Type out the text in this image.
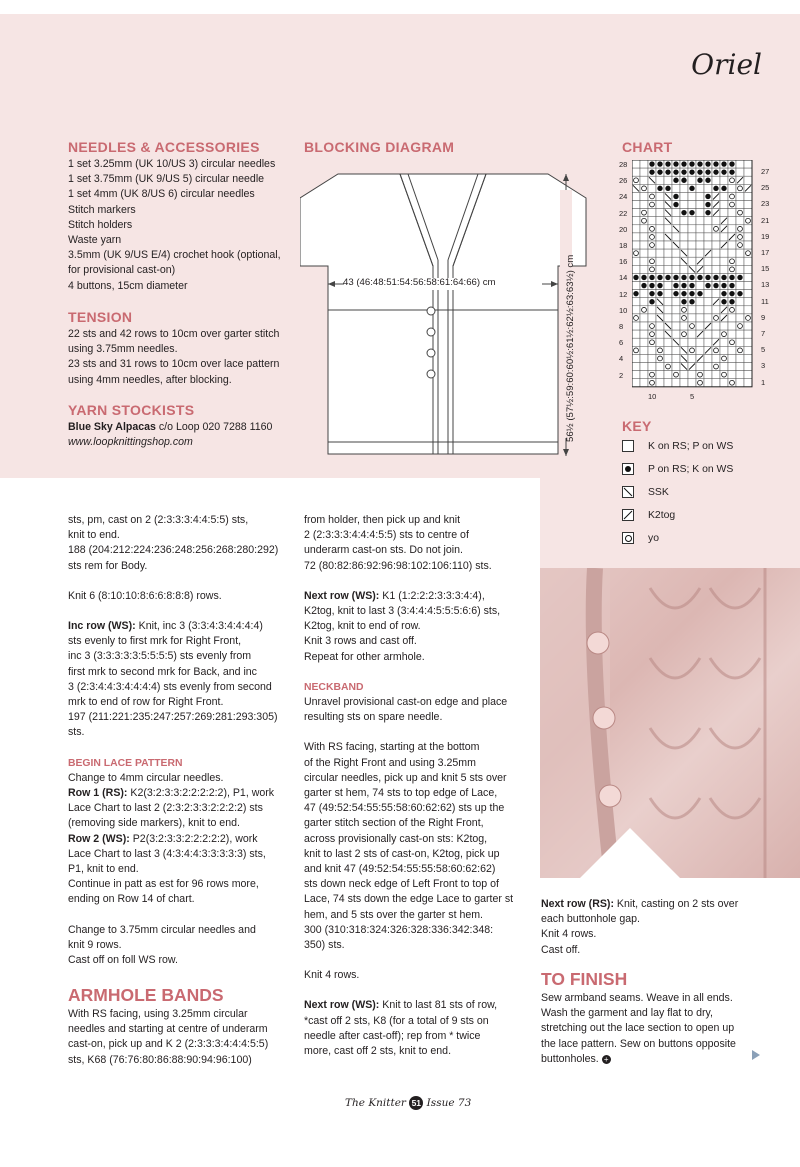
Oriel
NEEDLES & ACCESSORIES
1 set 3.25mm (UK 10/US 3) circular needles
1 set 3.75mm (UK 9/US 5) circular needle
1 set 4mm (UK 8/US 6) circular needles
Stitch markers
Stitch holders
Waste yarn
3.5mm (UK 9/US E/4) crochet hook (optional,
for provisional cast-on)
4 buttons, 15cm diameter
TENSION
22 sts and 42 rows to 10cm over garter stitch
using 3.75mm needles.
23 sts and 31 rows to 10cm over lace pattern
using 4mm needles, after blocking.
YARN STOCKISTS
Blue Sky Alpacas c/o Loop 020 7288 1160
www.loopknittingshop.com
BLOCKING DIAGRAM
43 (46:48:51:54:56:58:61:64:66) cm	56½ (57½:59:60:60½:61½:62½:63:63½) cm
CHART
28
26
24
22
20
18
16
14
12
10
8
6
4
2
27
25
23
21
19
17
15
13
11
9
7
5
3
1
10	5
KEY
K on RS; P on WS
P on RS; K on WS
SSK
K2tog
yo

sts, pm, cast on 2 (2:3:3:3:4:4:5:5) sts,
knit to end.
188 (204:212:224:236:248:256:268:280:292)
sts rem for Body.

Knit 6 (8:10:10:8:6:6:8:8:8) rows.

Inc row (WS): Knit, inc 3 (3:3:4:3:4:4:4:4)
sts evenly to first mrk for Right Front,
inc 3 (3:3:3:3:3:5:5:5:5) sts evenly from
first mrk to second mrk for Back, and inc
3 (2:3:4:4:3:4:4:4:4) sts evenly from second
mrk to end of row for Right Front.
197 (211:221:235:247:257:269:281:293:305)
sts.

BEGIN LACE PATTERN
Change to 4mm circular needles.
Row 1 (RS): K2(3:2:3:3:2:2:2:2:2), P1, work
Lace Chart to last 2 (2:3:2:3:3:2:2:2:2) sts
(removing side markers), knit to end.
Row 2 (WS): P2(3:2:3:3:2:2:2:2:2), work
Lace Chart to last 3 (4:3:4:4:3:3:3:3:3) sts,
P1, knit to end.
Continue in patt as est for 96 rows more,
ending on Row 14 of chart.

Change to 3.75mm circular needles and
knit 9 rows.
Cast off on foll WS row.

ARMHOLE BANDS
With RS facing, using 3.25mm circular
needles and starting at centre of underarm
cast-on, pick up and K 2 (2:3:3:3:4:4:4:5:5)
sts, K68 (76:76:80:86:88:90:94:96:100)

from holder, then pick up and knit
2 (2:3:3:3:4:4:4:5:5) sts to centre of
underarm cast-on sts. Do not join.
72 (80:82:86:92:96:98:102:106:110) sts.

Next row (WS): K1 (1:2:2:2:3:3:3:4:4),
K2tog, knit to last 3 (3:4:4:4:5:5:5:6:6) sts,
K2tog, knit to end of row.
Knit 3 rows and cast off.
Repeat for other armhole.

NECKBAND
Unravel provisional cast-on edge and place
resulting sts on spare needle.

With RS facing, starting at the bottom
of the Right Front and using 3.25mm
circular needles, pick up and knit 5 sts over
garter st hem, 74 sts to top edge of Lace,
47 (49:52:54:55:55:58:60:62:62) sts up the
garter stitch section of the Right Front,
across provisionally cast-on sts: K2tog,
knit to last 2 sts of cast-on, K2tog, pick up
and knit 47 (49:52:54:55:55:58:60:62:62)
sts down neck edge of Left Front to top of
Lace, 74 sts down the edge Lace to garter st
hem, and 5 sts over the garter st hem.
300 (310:318:324:326:328:336:342:348:
350) sts.

Knit 4 rows.

Next row (WS): Knit to last 81 sts of row,
*cast off 2 sts, K8 (for a total of 9 sts on
needle after cast-off); rep from * twice
more, cast off 2 sts, knit to end.

Next row (RS): Knit, casting on 2 sts over
each buttonhole gap.
Knit 4 rows.
Cast off.
TO FINISH
Sew armband seams. Weave in all ends.
Wash the garment and lay flat to dry,
stretching out the lace section to open up
the lace pattern. Sew on buttons opposite
buttonholes. +
The Knitter 51 Issue 73
